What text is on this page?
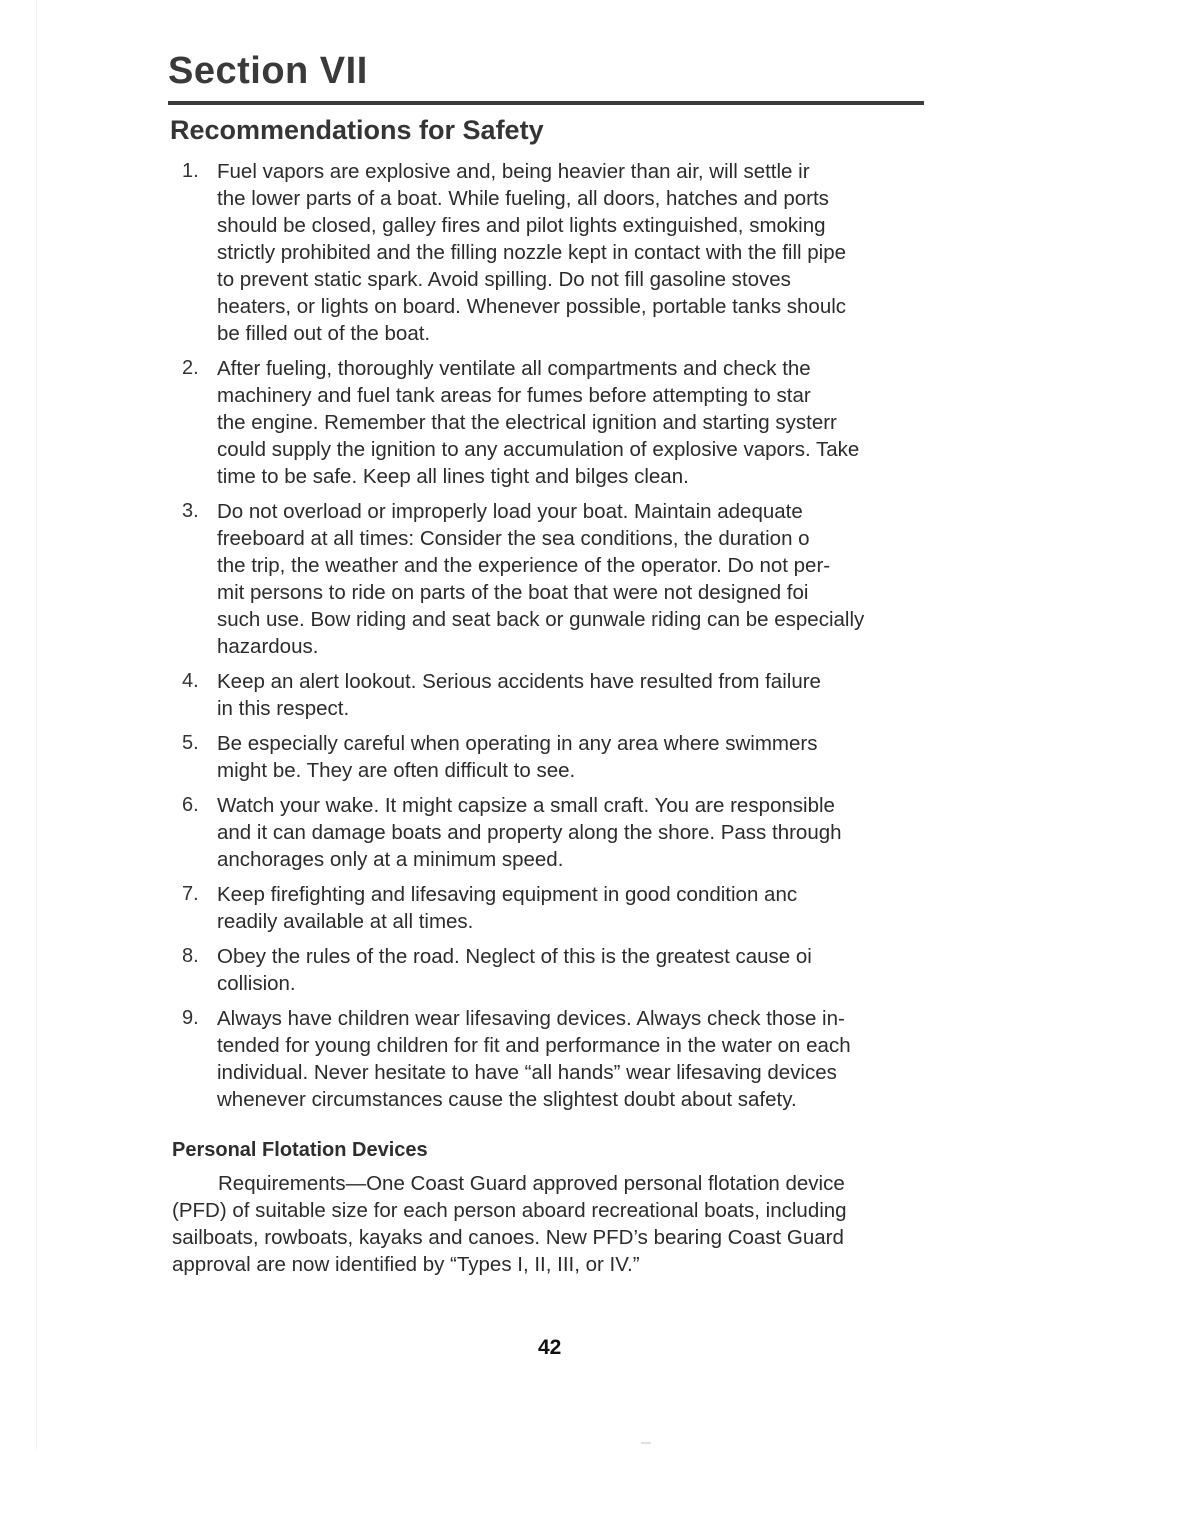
Section VII
Recommendations for Safety
1. Fuel vapors are explosive and, being heavier than air, will settle ir
the lower parts of a boat. While fueling, all doors, hatches and ports
should be closed, galley fires and pilot lights extinguished, smoking
strictly prohibited and the filling nozzle kept in contact with the fill pipe
to prevent static spark. Avoid spilling. Do not fill gasoline stoves
heaters, or lights on board. Whenever possible, portable tanks shoulc
be filled out of the boat.
2. After fueling, thoroughly ventilate all compartments and check the
machinery and fuel tank areas for fumes before attempting to star
the engine. Remember that the electrical ignition and starting systerr
could supply the ignition to any accumulation of explosive vapors. Take
time to be safe. Keep all lines tight and bilges clean.
3. Do not overload or improperly load your boat. Maintain adequate
freeboard at all times: Consider the sea conditions, the duration o
the trip, the weather and the experience of the operator. Do not per-
mit persons to ride on parts of the boat that were not designed foi
such use. Bow riding and seat back or gunwale riding can be especially
hazardous.
4. Keep an alert lookout. Serious accidents have resulted from failure
in this respect.
5. Be especially careful when operating in any area where swimmers
might be. They are often difficult to see.
6. Watch your wake. It might capsize a small craft. You are responsible
and it can damage boats and property along the shore. Pass through
anchorages only at a minimum speed.
7. Keep firefighting and lifesaving equipment in good condition anc
readily available at all times.
8. Obey the rules of the road. Neglect of this is the greatest cause oi
collision.
9. Always have children wear lifesaving devices. Always check those in-
tended for young children for fit and performance in the water on each
individual. Never hesitate to have “all hands” wear lifesaving devices
whenever circumstances cause the slightest doubt about safety.
Personal Flotation Devices
Requirements—One Coast Guard approved personal flotation device
(PFD) of suitable size for each person aboard recreational boats, including
sailboats, rowboats, kayaks and canoes. New PFD’s bearing Coast Guard
approval are now identified by “Types I, II, III, or IV.”
42
